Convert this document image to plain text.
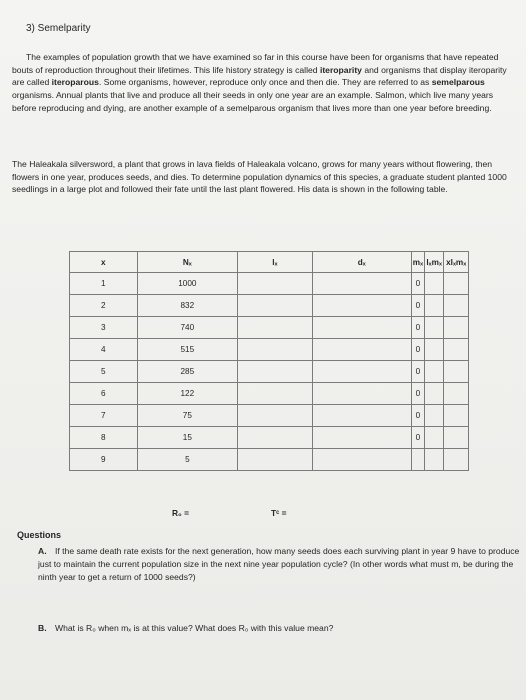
3) Semelparity
The examples of population growth that we have examined so far in this course have been for organisms that have repeated bouts of reproduction throughout their lifetimes. This life history strategy is called iteroparity and organisms that display iteroparity are called iteroparous. Some organisms, however, reproduce only once and then die. They are referred to as semelparous organisms. Annual plants that live and produce all their seeds in only one year are an example. Salmon, which live many years before reproducing and dying, are another example of a semelparous organism that lives more than one year before breeding.
The Haleakala silversword, a plant that grows in lava fields of Haleakala volcano, grows for many years without flowering, then flowers in one year, produces seeds, and dies. To determine population dynamics of this species, a graduate student planted 1000 seedlings in a large plot and followed their fate until the last plant flowered. His data is shown in the following table.
x	Nₓ	lₓ	dₓ	mₓ	lₓmₓ	xlₓmₓ
1	1000			0		
2	832			0		
3	740			0		
4	515			0		
5	285			0		
6	122			0		
7	75			0		
8	15			0		
9	5					
R₀ =	Tᶜ =
Questions
A. If the same death rate exists for the next generation, how many seeds does each surviving plant in year 9 have to produce just to maintain the current population size in the next nine year population cycle? (In other words what must m, be during the ninth year to get a return of 1000 seeds?)
B. What is R₀ when mₓ is at this value? What does R₀ with this value mean?
